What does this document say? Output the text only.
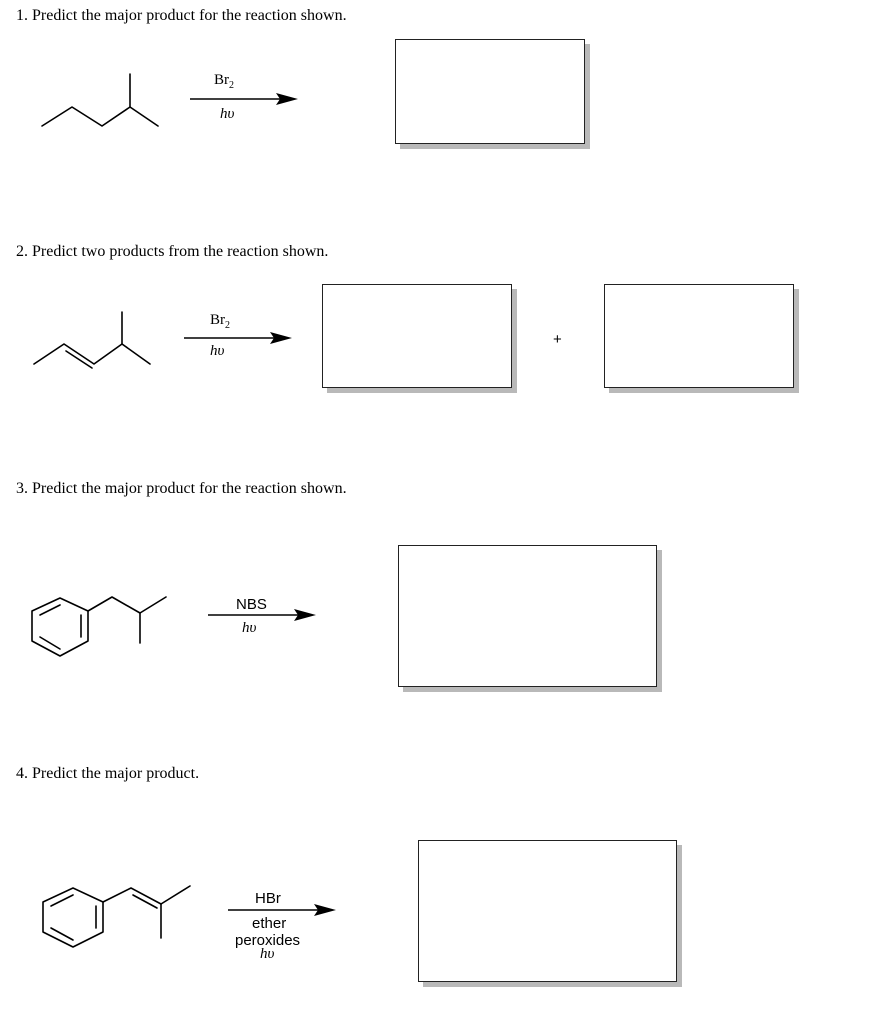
1. Predict the major product for the reaction shown.
$Br_2$
hυ
2. Predict two products from the reaction shown.
$Br_2$
hυ
+
3. Predict the major product for the reaction shown.
NBS
hυ
4. Predict the major product.
HBr
ether
peroxides
hυ
